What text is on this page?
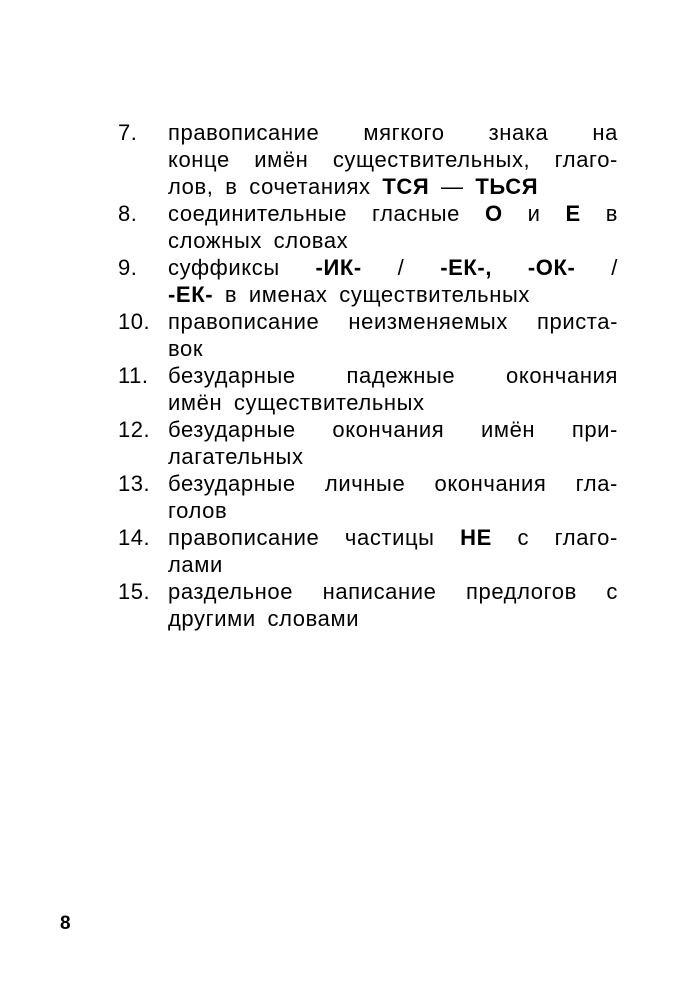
7.	правописание мягкого знака на
конце имён существительных, глаго-
лов, в сочетаниях ТСЯ — ТЬСЯ
8.	соединительные гласные О и Е в
сложных словах
9.	суффиксы -ИК- / -ЕК-, -ОК- /
-ЕК- в именах существительных
10. правописание неизменяемых приста-
вок
11. безударные падежные окончания
имён существительных
12. безударные окончания имён при-
лагательных
13. безударные личные окончания гла-
голов
14. правописание частицы НЕ с глаго-
лами
15. раздельное написание предлогов с
другими словами
8
